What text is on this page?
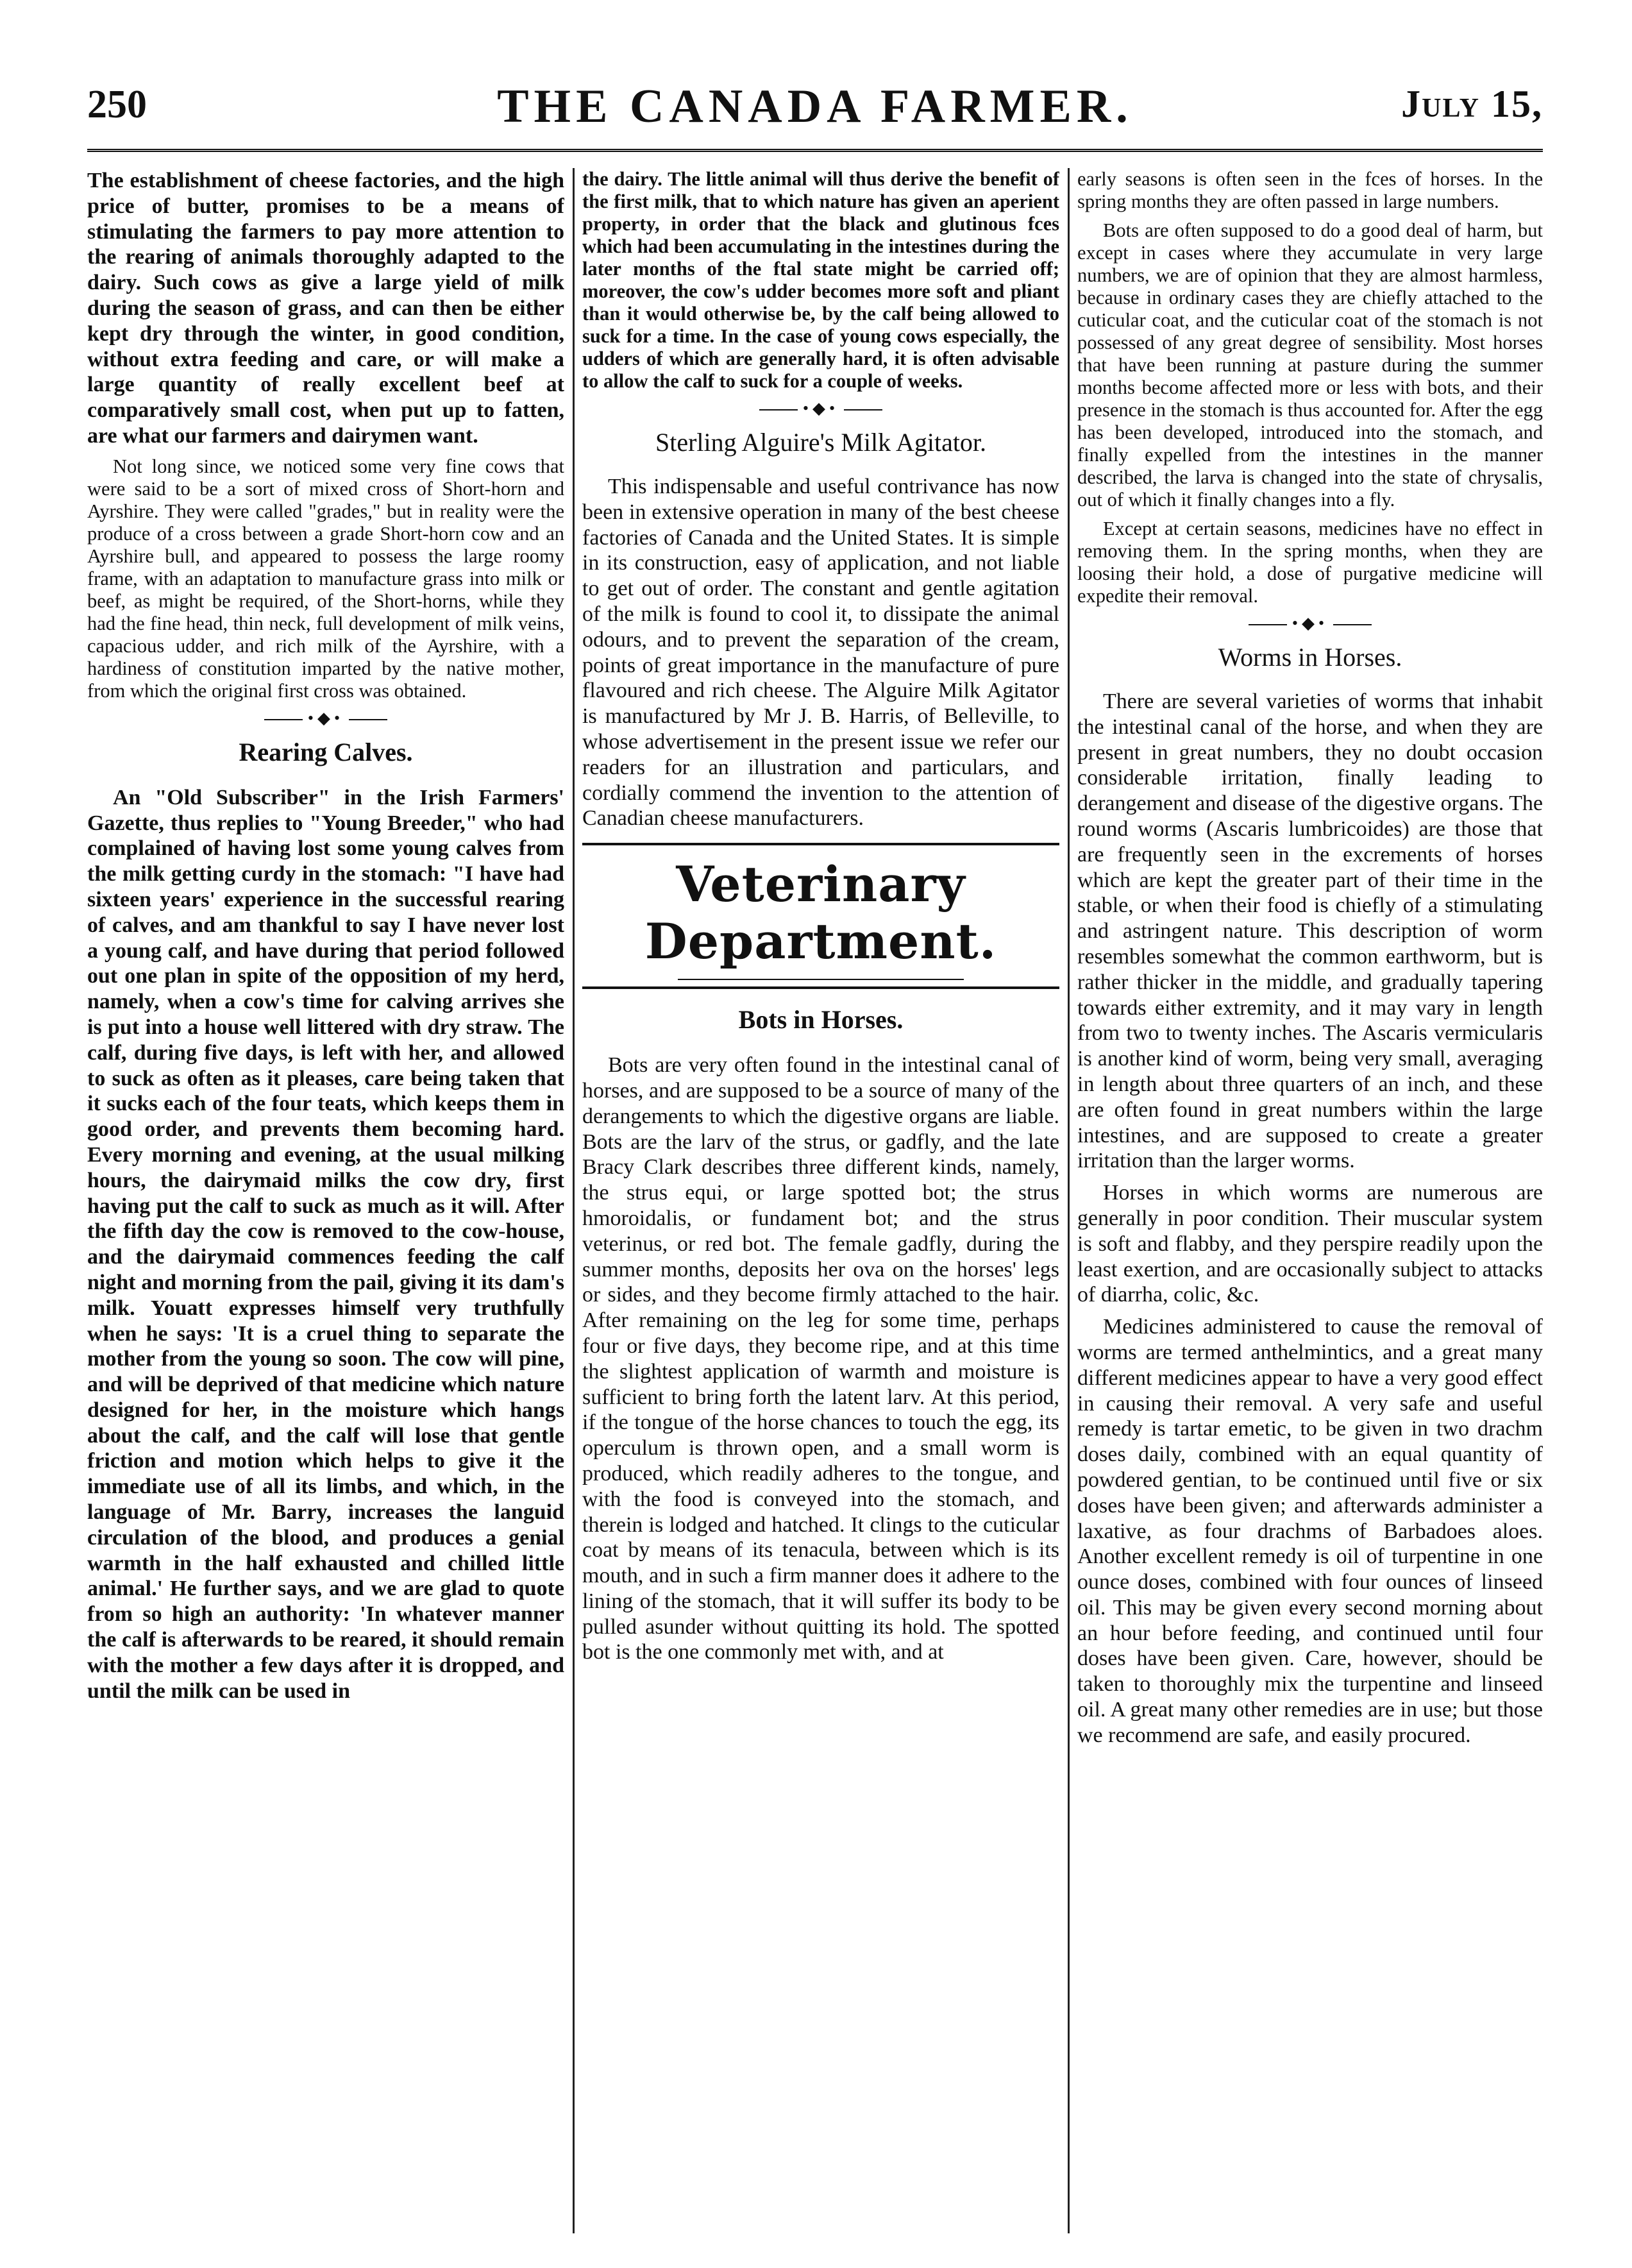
250	THE CANADA FARMER.	July 15,

The establishment of cheese factories, and the high price of butter, promises to be a means of stimulating the farmers to pay more attention to the rearing of animals thoroughly adapted to the dairy. Such cows as give a large yield of milk during the season of grass, and can then be either kept dry through the winter, in good condition, without extra feeding and care, or will make a large quantity of really excellent beef at comparatively small cost, when put up to fatten, are what our farmers and dairymen want.

Not long since, we noticed some very fine cows that were said to be a sort of mixed cross of Short-horn and Ayrshire. They were called "grades," but in reality were the produce of a cross between a grade Short-horn cow and an Ayrshire bull, and appeared to possess the large roomy frame, with an adaptation to manufacture grass into milk or beef, as might be required, of the Short-horns, while they had the fine head, thin neck, full development of milk veins, capacious udder, and rich milk of the Ayrshire, with a hardiness of constitution imparted by the native mother, from which the original first cross was obtained.

•◆•
Rearing Calves.

An "Old Subscriber" in the Irish Farmers' Gazette, thus replies to "Young Breeder," who had complained of having lost some young calves from the milk getting curdy in the stomach: "I have had sixteen years' experience in the successful rearing of calves, and am thankful to say I have never lost a young calf, and have during that period followed out one plan in spite of the opposition of my herd, namely, when a cow's time for calving arrives she is put into a house well littered with dry straw. The calf, during five days, is left with her, and allowed to suck as often as it pleases, care being taken that it sucks each of the four teats, which keeps them in good order, and prevents them becoming hard. Every morning and evening, at the usual milking hours, the dairymaid milks the cow dry, first having put the calf to suck as much as it will. After the fifth day the cow is removed to the cow-house, and the dairymaid commences feeding the calf night and morning from the pail, giving it its dam's milk. Youatt expresses himself very truthfully when he says: 'It is a cruel thing to separate the mother from the young so soon. The cow will pine, and will be deprived of that medicine which nature designed for her, in the moisture which hangs about the calf, and the calf will lose that gentle friction and motion which helps to give it the immediate use of all its limbs, and which, in the language of Mr. Barry, increases the languid circulation of the blood, and produces a genial warmth in the half exhausted and chilled little animal.' He further says, and we are glad to quote from so high an authority: 'In whatever manner the calf is afterwards to be reared, it should remain with the mother a few days after it is dropped, and until the milk can be used in

the dairy. The little animal will thus derive the benefit of the first milk, that to which nature has given an aperient property, in order that the black and glutinous fces which had been accumulating in the intestines during the later months of the ftal state might be carried off; moreover, the cow's udder becomes more soft and pliant than it would otherwise be, by the calf being allowed to suck for a time. In the case of young cows especially, the udders of which are generally hard, it is often advisable to allow the calf to suck for a couple of weeks.

•◆•
Sterling Alguire's Milk Agitator.

This indispensable and useful contrivance has now been in extensive operation in many of the best cheese factories of Canada and the United States. It is simple in its construction, easy of application, and not liable to get out of order. The constant and gentle agitation of the milk is found to cool it, to dissipate the animal odours, and to prevent the separation of the cream, points of great importance in the manufacture of pure flavoured and rich cheese. The Alguire Milk Agitator is manufactured by Mr J. B. Harris, of Belleville, to whose advertisement in the present issue we refer our readers for an illustration and particulars, and cordially commend the invention to the attention of Canadian cheese manufacturers.

Veterinary Department.
Bots in Horses.

Bots are very often found in the intestinal canal of horses, and are supposed to be a source of many of the derangements to which the digestive organs are liable. Bots are the larv of the strus, or gadfly, and the late Bracy Clark describes three different kinds, namely, the strus equi, or large spotted bot; the strus hmoroidalis, or fundament bot; and the strus veterinus, or red bot. The female gadfly, during the summer months, deposits her ova on the horses' legs or sides, and they become firmly attached to the hair. After remaining on the leg for some time, perhaps four or five days, they become ripe, and at this time the slightest application of warmth and moisture is sufficient to bring forth the latent larv. At this period, if the tongue of the horse chances to touch the egg, its operculum is thrown open, and a small worm is produced, which readily adheres to the tongue, and with the food is conveyed into the stomach, and therein is lodged and hatched. It clings to the cuticular coat by means of its tenacula, between which is its mouth, and in such a firm manner does it adhere to the lining of the stomach, that it will suffer its body to be pulled asunder without quitting its hold. The spotted bot is the one commonly met with, and at

early seasons is often seen in the fces of horses. In the spring months they are often passed in large numbers.

Bots are often supposed to do a good deal of harm, but except in cases where they accumulate in very large numbers, we are of opinion that they are almost harmless, because in ordinary cases they are chiefly attached to the cuticular coat, and the cuticular coat of the stomach is not possessed of any great degree of sensibility. Most horses that have been running at pasture during the summer months become affected more or less with bots, and their presence in the stomach is thus accounted for. After the egg has been developed, introduced into the stomach, and finally expelled from the intestines in the manner described, the larva is changed into the state of chrysalis, out of which it finally changes into a fly.

Except at certain seasons, medicines have no effect in removing them. In the spring months, when they are loosing their hold, a dose of purgative medicine will expedite their removal.

•◆•
Worms in Horses.

There are several varieties of worms that inhabit the intestinal canal of the horse, and when they are present in great numbers, they no doubt occasion considerable irritation, finally leading to derangement and disease of the digestive organs. The round worms (Ascaris lumbricoides) are those that are frequently seen in the excrements of horses which are kept the greater part of their time in the stable, or when their food is chiefly of a stimulating and astringent nature. This description of worm resembles somewhat the common earthworm, but is rather thicker in the middle, and gradually tapering towards either extremity, and it may vary in length from two to twenty inches. The Ascaris vermicularis is another kind of worm, being very small, averaging in length about three quarters of an inch, and these are often found in great numbers within the large intestines, and are supposed to create a greater irritation than the larger worms.

Horses in which worms are numerous are generally in poor condition. Their muscular system is soft and flabby, and they perspire readily upon the least exertion, and are occasionally subject to attacks of diarrha, colic, &c.

Medicines administered to cause the removal of worms are termed anthelmintics, and a great many different medicines appear to have a very good effect in causing their removal. A very safe and useful remedy is tartar emetic, to be given in two drachm doses daily, combined with an equal quantity of powdered gentian, to be continued until five or six doses have been given; and afterwards administer a laxative, as four drachms of Barbadoes aloes. Another excellent remedy is oil of turpentine in one ounce doses, combined with four ounces of linseed oil. This may be given every second morning about an hour before feeding, and continued until four doses have been given. Care, however, should be taken to thoroughly mix the turpentine and linseed oil. A great many other remedies are in use; but those we recommend are safe, and easily procured.
